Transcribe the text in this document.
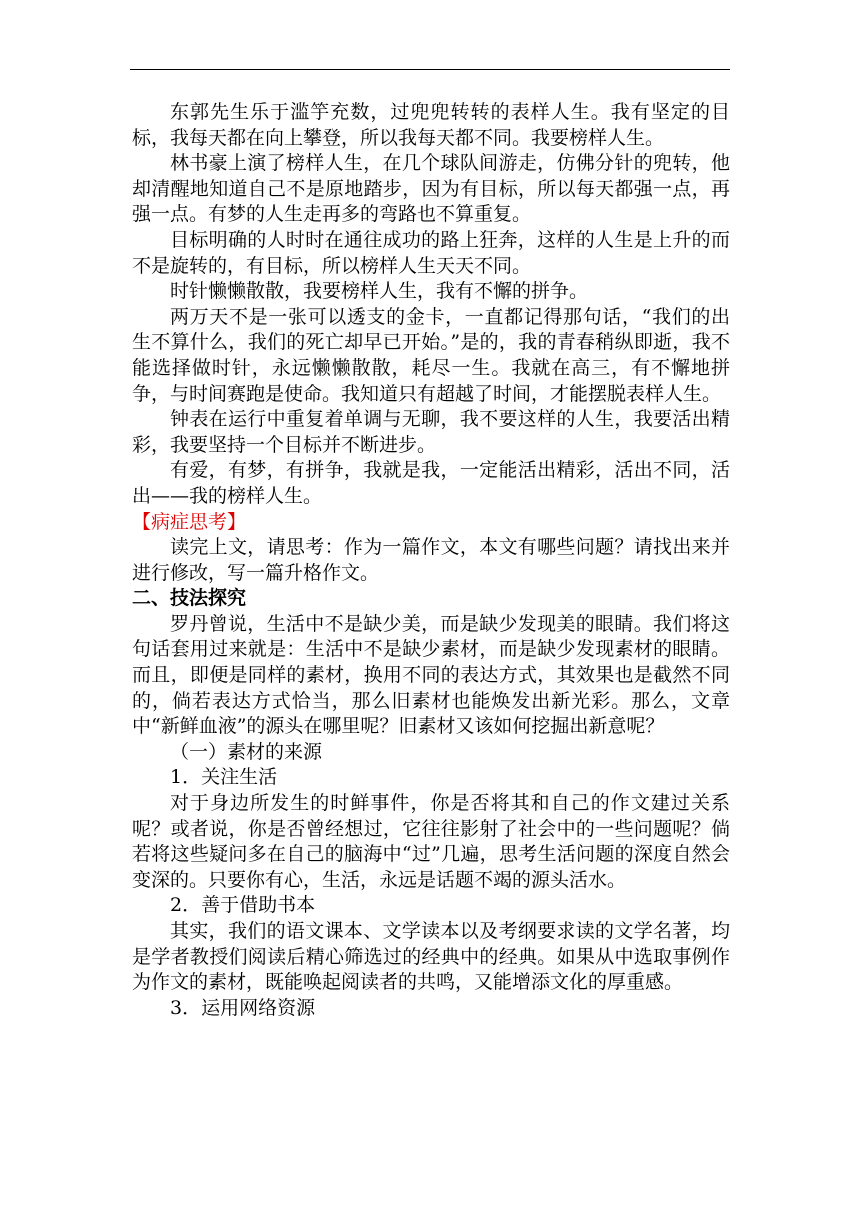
东郭先生乐于滥竽充数，过兜兜转转的表样人生。我有坚定的目标，我每天都在向上攀登，所以我每天都不同。我要榜样人生。

林书豪上演了榜样人生，在几个球队间游走，仿佛分针的兜转，他却清醒地知道自己不是原地踏步，因为有目标，所以每天都强一点，再强一点。有梦的人生走再多的弯路也不算重复。

目标明确的人时时在通往成功的路上狂奔，这样的人生是上升的而不是旋转的，有目标，所以榜样人生天天不同。

时针懒懒散散，我要榜样人生，我有不懈的拼争。

两万天不是一张可以透支的金卡，一直都记得那句话，“我们的出生不算什么，我们的死亡却早已开始。”是的，我的青春稍纵即逝，我不能选择做时针，永远懒懒散散，耗尽一生。我就在高三，有不懈地拼争，与时间赛跑是使命。我知道只有超越了时间，才能摆脱表样人生。

钟表在运行中重复着单调与无聊，我不要这样的人生，我要活出精彩，我要坚持一个目标并不断进步。

有爱，有梦，有拼争，我就是我，一定能活出精彩，活出不同，活出——我的榜样人生。

【病症思考】

读完上文，请思考：作为一篇作文，本文有哪些问题？请找出来并进行修改，写一篇升格作文。

二、技法探究

罗丹曾说，生活中不是缺少美，而是缺少发现美的眼睛。我们将这句话套用过来就是：生活中不是缺少素材，而是缺少发现素材的眼睛。而且，即便是同样的素材，换用不同的表达方式，其效果也是截然不同的，倘若表达方式恰当，那么旧素材也能焕发出新光彩。那么，文章中“新鲜血液”的源头在哪里呢？旧素材又该如何挖掘出新意呢？

（一）素材的来源

1．关注生活

对于身边所发生的时鲜事件，你是否将其和自己的作文建过关系呢？或者说，你是否曾经想过，它往往影射了社会中的一些问题呢？倘若将这些疑问多在自己的脑海中“过”几遍，思考生活问题的深度自然会变深的。只要你有心，生活，永远是话题不竭的源头活水。

2．善于借助书本

其实，我们的语文课本、文学读本以及考纲要求读的文学名著，均是学者教授们阅读后精心筛选过的经典中的经典。如果从中选取事例作为作文的素材，既能唤起阅读者的共鸣，又能增添文化的厚重感。

3．运用网络资源
